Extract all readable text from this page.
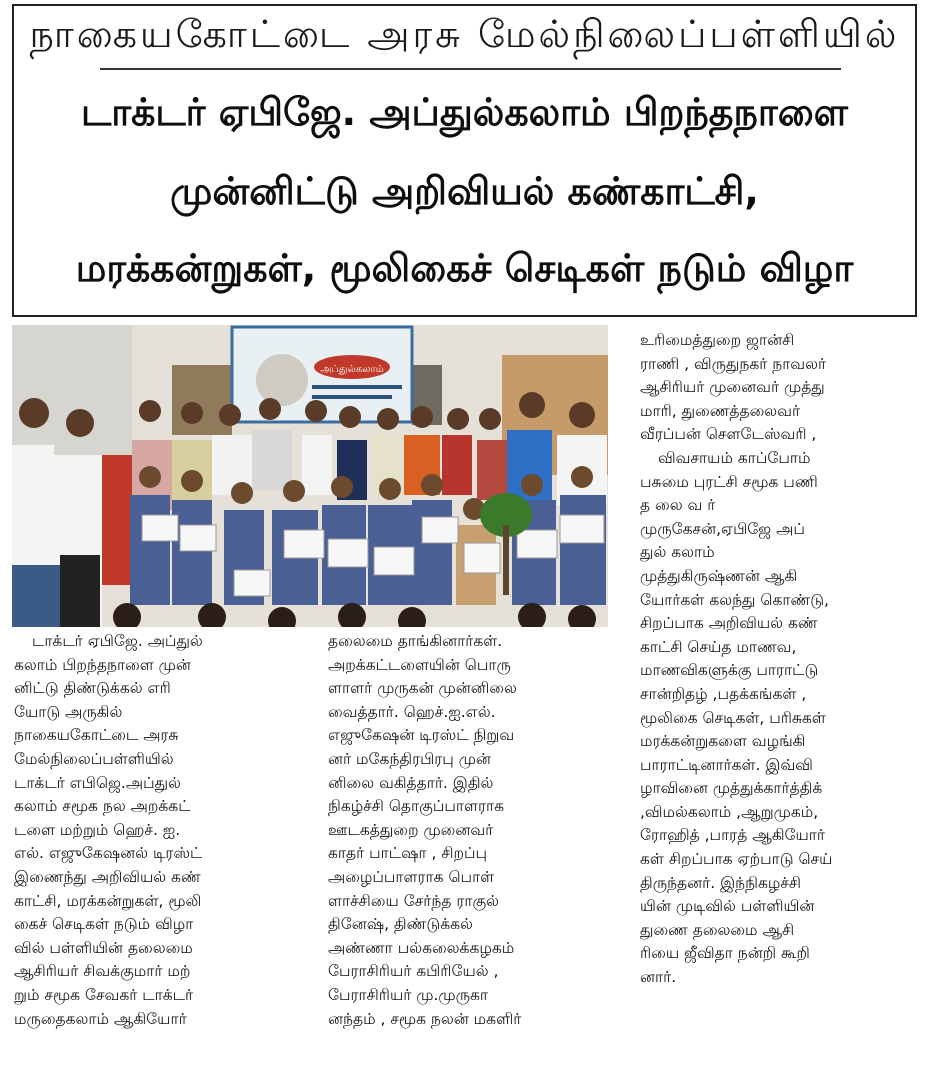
நாகையகோட்டை அரசு மேல்நிலைப்பள்ளியில்
டாக்டர் ஏபிஜே. அப்துல்கலாம் பிறந்தநாளை
முன்னிட்டு அறிவியல் கண்காட்சி,
மரக்கன்றுகள், மூலிகைச் செடிகள் நடும் விழா
அப்துல்கலாம்
டாக்டர் ஏபிஜே. அப்துல்
கலாம் பிறந்தநாளை முன்
னிட்டு திண்டுக்கல் எரி
யோடு அருகில்
நாகையகோட்டை அரசு
மேல்நிலைப்பள்ளியில்
டாக்டர் எபிஜெ.அப்துல்
கலாம் சமூக நல அறக்கட்
டளை மற்றும் ஹெச். ஐ.
எல். எஜுகேஷனல் டிரஸ்ட்
இணைந்து அறிவியல் கண்
காட்சி, மரக்கன்றுகள், மூலி
கைச் செடிகள் நடும் விழா
வில் பள்ளியின் தலைமை
ஆசிரியர் சிவக்குமார் மற்
றும் சமூக சேவகர் டாக்டர்
மருதைகலாம் ஆகியோர்
தலைமை தாங்கினார்கள்.
அறக்கட்டளையின் பொரு
ளாளர் முருகன் முன்னிலை
வைத்தார். ஹெச்.ஐ.எல்.
எஜுகேஷன் டிரஸ்ட் நிறுவ
னர் மகேந்திரபிரபு முன்
னிலை வகித்தார். இதில்
நிகழ்ச்சி தொகுப்பாளராக
ஊடகத்துறை முனைவர்
காதர் பாட்ஷா , சிறப்பு
அழைப்பாளராக பொள்
ளாச்சியை சேர்ந்த ராகுல்
தினேஷ், திண்டுக்கல்
அண்ணா பல்கலைக்கழகம்
பேராசிரியர் கபிரியேல் ,
பேராசிரியர் மு.முருகா
னந்தம் , சமூக நலன் மகளிர்
உரிமைத்துறை ஜான்சி
ராணி , விருதுநகர் நாவலர்
ஆசிரியர் முனைவர் முத்து
மாரி, துணைத்தலைவர்
வீரப்பன் சௌடேஸ்வரி ,
விவசாயம் காப்போம்
பசுமை புரட்சி சமூக பணி
த லை வ ர்
முருகேசன்,ஏபிஜே அப்
துல் கலாம்
முத்துகிருஷ்ணன் ஆகி
யோர்கள் கலந்து கொண்டு,
சிறப்பாக அறிவியல் கண்
காட்சி செய்த மாணவ,
மாணவிகளுக்கு பாராட்டு
சான்றிதழ் ,பதக்கங்கள் ,
மூலிகை செடிகள், பரிசுகள்
மரக்கன்றுகளை வழங்கி
பாராட்டினார்கள். இவ்வி
ழாவினை முத்துக்கார்த்திக்
,விமல்கலாம் ,ஆறுமுகம்,
ரோஹித் ,பாரத் ஆகியோர்
கள் சிறப்பாக ஏற்பாடு செய்
திருந்தனர். இந்நிகழச்சி
யின் முடிவில் பள்ளியின்
துணை தலைமை ஆசி
ரியை ஜீவிதா நன்றி கூறி
னார்.
